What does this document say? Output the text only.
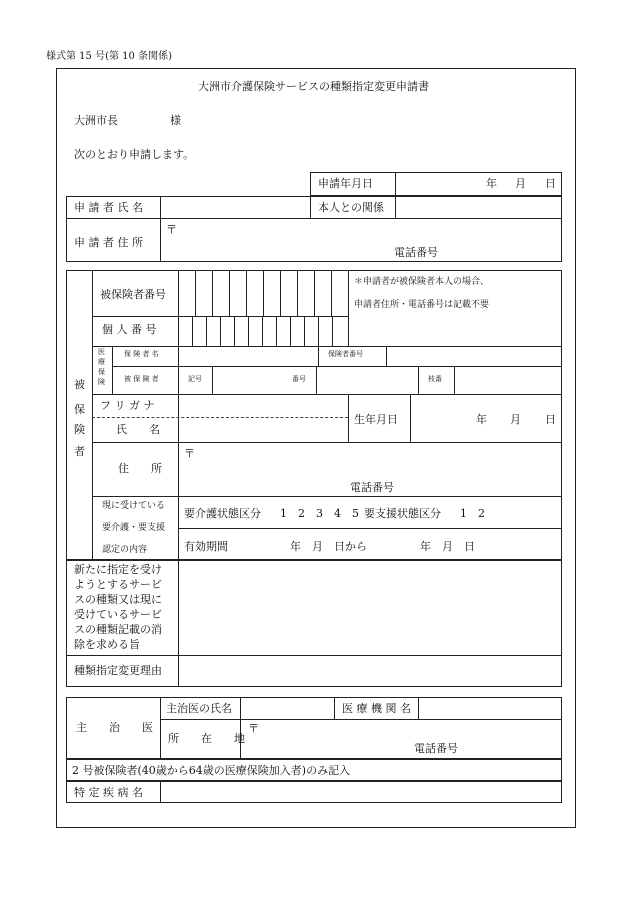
様式第 15 号(第 10 条関係)
大洲市介護保険サービスの種類指定変更申請書
大洲市長	様
次のとおり申請します。
申請年月日	年 月 日
申 請 者 氏 名	本人との関係
申 請 者 住 所
〒
電話番号
被
保
険
者
被保険者番号
＊申請者が被保険者本人の場合、
申請者住所・電話番号は記載不要
個 人 番 号
医
療
保
険
保 険 者 名	保険者番号
被 保 険 者	記号	番号	枝番
フ リ ガ ナ
氏　　名
生年月日	年 月 日
住　　所
〒
電話番号
現に受けている
要介護・要支援
認定の内容
要介護状態区分 1　2　3　4　5 要支援状態区分 1　2
有効期間	年　月　日から	年　月　日
新たに指定を受け
ようとするサービ
スの種類又は現に
受けているサービ
スの種類記載の消
除を求める旨
種類指定変更理由
主　　治　　医
主治医の氏名	医 療 機 関 名
所　　在　　地
〒
電話番号
2 号被保険者(40歳から64歳の医療保険加入者)のみ記入
特 定 疾 病 名
